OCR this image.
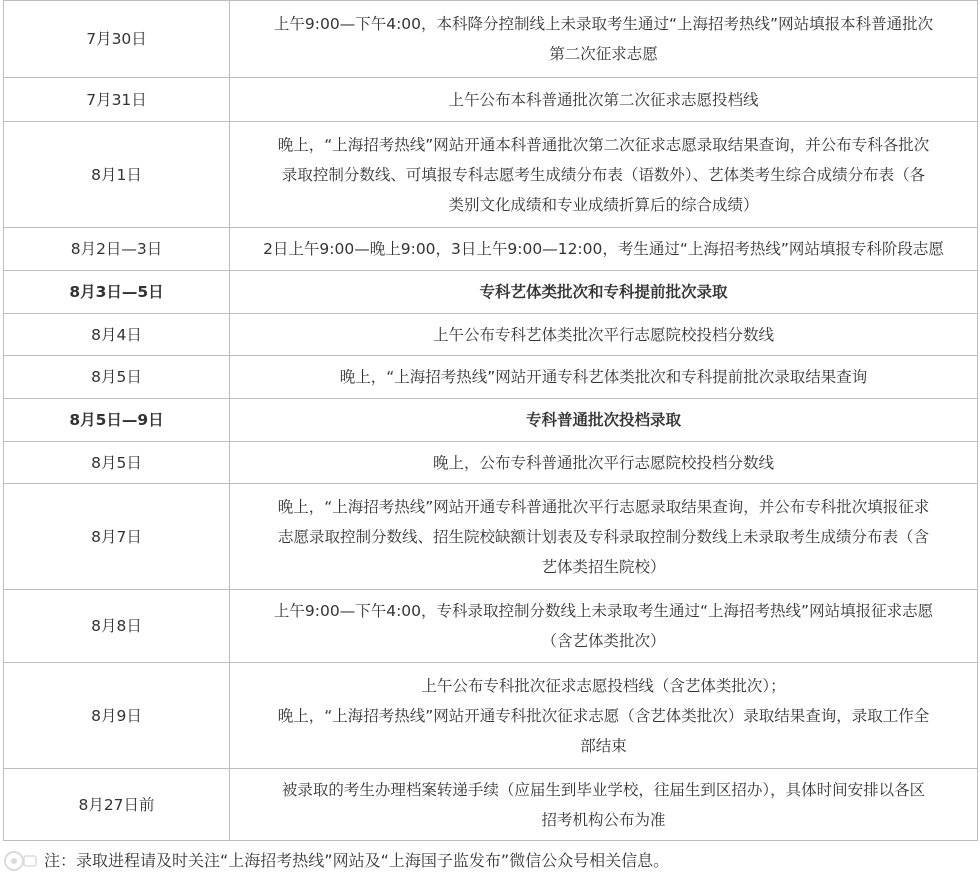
7月30日	上午9:00—下午4:00，本科降分控制线上未录取考生通过“上海招考热线”网站填报本科普通批次
第二次征求志愿

7月31日	上午公布本科普通批次第二次征求志愿投档线

8月1日	晚上，“上海招考热线”网站开通本科普通批次第二次征求志愿录取结果查询，并公布专科各批次
录取控制分数线、可填报专科志愿考生成绩分布表（语数外）、艺体类考生综合成绩分布表（各
类别文化成绩和专业成绩折算后的综合成绩）

8月2日—3日	2日上午9:00—晚上9:00，3日上午9:00—12:00，考生通过“上海招考热线”网站填报专科阶段志愿

8月3日—5日	专科艺体类批次和专科提前批次录取

8月4日	上午公布专科艺体类批次平行志愿院校投档分数线

8月5日	晚上，“上海招考热线”网站开通专科艺体类批次和专科提前批次录取结果查询

8月5日—9日	专科普通批次投档录取

8月5日	晚上，公布专科普通批次平行志愿院校投档分数线

8月7日	晚上，“上海招考热线”网站开通专科普通批次平行志愿录取结果查询，并公布专科批次填报征求
志愿录取控制分数线、招生院校缺额计划表及专科录取控制分数线上未录取考生成绩分布表（含
艺体类招生院校）

8月8日	上午9:00—下午4:00，专科录取控制分数线上未录取考生通过“上海招考热线”网站填报征求志愿
（含艺体类批次）

8月9日	上午公布专科批次征求志愿投档线（含艺体类批次）；
晚上，“上海招考热线”网站开通专科批次征求志愿（含艺体类批次）录取结果查询，录取工作全
部结束

8月27日前	被录取的考生办理档案转递手续（应届生到毕业学校，往届生到区招办），具体时间安排以各区
招考机构公布为准
注：录取进程请及时关注“上海招考热线”网站及“上海国子监发布”微信公众号相关信息。
